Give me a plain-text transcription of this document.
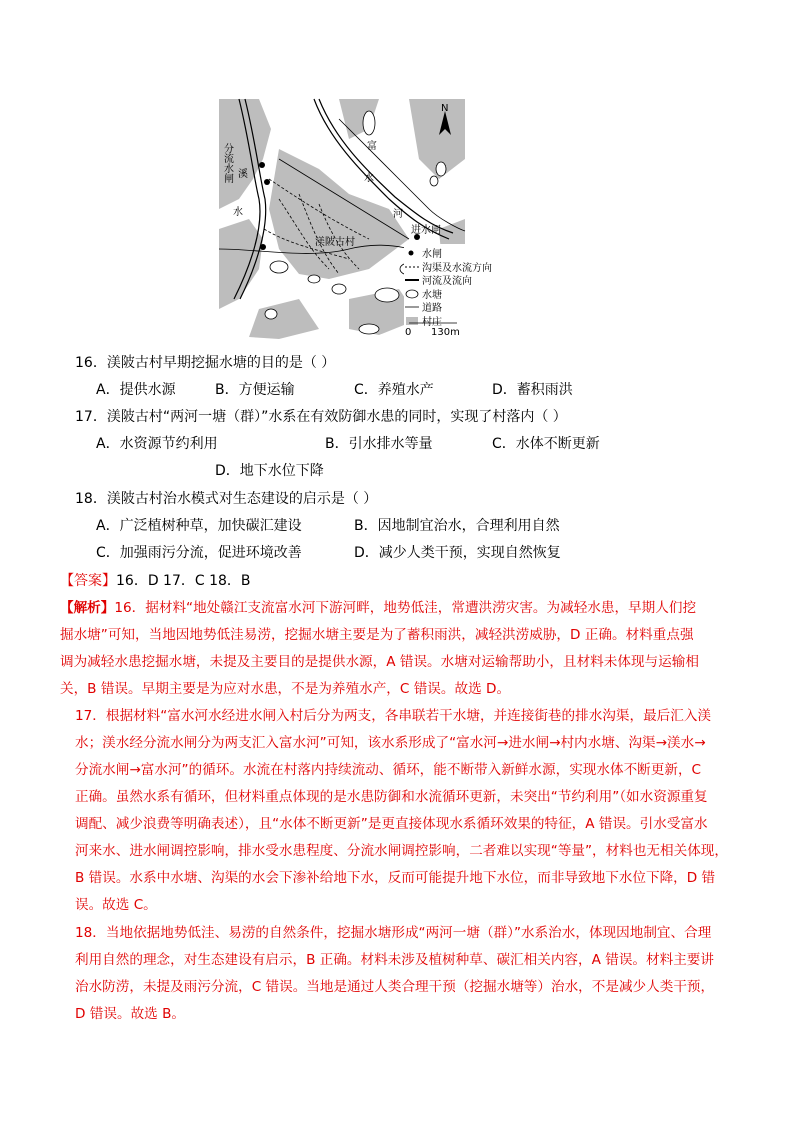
N
分流水闸 溪
水
富
水
河
渼陂古村
进水闸
水闸
沟渠及水流方向
河流及流向
水塘
道路
村庄
0 130m
16．渼陂古村早期挖掘水塘的目的是（ ）
A．提供水源	B．方便运输	C．养殖水产	D．蓄积雨洪
17．渼陂古村“两河一塘（群）”水系在有效防御水患的同时，实现了村落内（ ）
A．水资源节约利用	B．引水排水等量	C．水体不断更新
D．地下水位下降
18．渼陂古村治水模式对生态建设的启示是（ ）
A．广泛植树种草，加快碳汇建设	B．因地制宜治水，合理利用自然
C．加强雨污分流，促进环境改善	D．减少人类干预，实现自然恢复
【答案】16．D 17．C 18．B
【解析】16．据材料“地处赣江支流富水河下游河畔，地势低洼，常遭洪涝灾害。为减轻水患，早期人们挖
掘水塘”可知，当地因地势低洼易涝，挖掘水塘主要是为了蓄积雨洪，减轻洪涝威胁，D 正确。材料重点强
调为减轻水患挖掘水塘，未提及主要目的是提供水源，A 错误。水塘对运输帮助小，且材料未体现与运输相
关，B 错误。早期主要是为应对水患，不是为养殖水产，C 错误。故选 D。
17．根据材料“富水河水经进水闸入村后分为两支，各串联若干水塘，并连接街巷的排水沟渠，最后汇入渼
水；渼水经分流水闸分为两支汇入富水河”可知，该水系形成了“富水河→进水闸→村内水塘、沟渠→渼水→
分流水闸→富水河”的循环。水流在村落内持续流动、循环，能不断带入新鲜水源，实现水体不断更新，C
正确。虽然水系有循环，但材料重点体现的是水患防御和水流循环更新，未突出“节约利用”（如水资源重复
调配、减少浪费等明确表述），且“水体不断更新”是更直接体现水系循环效果的特征，A 错误。引水受富水
河来水、进水闸调控影响，排水受水患程度、分流水闸调控影响，二者难以实现“等量”，材料也无相关体现，
B 错误。水系中水塘、沟渠的水会下渗补给地下水，反而可能提升地下水位，而非导致地下水位下降，D 错
误。故选 C。
18．当地依据地势低洼、易涝的自然条件，挖掘水塘形成“两河一塘（群）”水系治水，体现因地制宜、合理
利用自然的理念，对生态建设有启示，B 正确。材料未涉及植树种草、碳汇相关内容，A 错误。材料主要讲
治水防涝，未提及雨污分流，C 错误。当地是通过人类合理干预（挖掘水塘等）治水，不是减少人类干预，
D 错误。故选 B。
